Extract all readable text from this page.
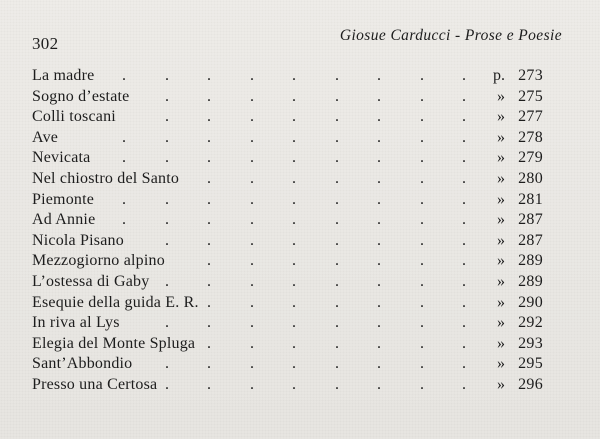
302	Giosue Carducci - Prose e Poesie
. . . . . . . . .
La madre	p. 273
. . . . . . . .
Sogno d’estate	» 275
. . . . . . . .
Colli toscani	» 277
. . . . . . . . .
Ave	» 278
. . . . . . . . .
Nevicata	» 279
. . . . . . .
Nel chiostro del Santo	» 280
. . . . . . . . .
Piemonte	» 281
. . . . . . . . .
Ad Annie	» 287
. . . . . . . .
Nicola Pisano	» 287
. . . . . . .
Mezzogiorno alpino	» 289
. . . . . . . .
L’ostessa di Gaby	» 289
. . . . . . .
Esequie della guida E. R.	» 290
. . . . . . . .
In riva al Lys	» 292
. . . . . . .
Elegia del Monte Spluga	» 293
. . . . . . . .
Sant’Abbondio	» 295
. . . . . . . .
Presso una Certosa	» 296
